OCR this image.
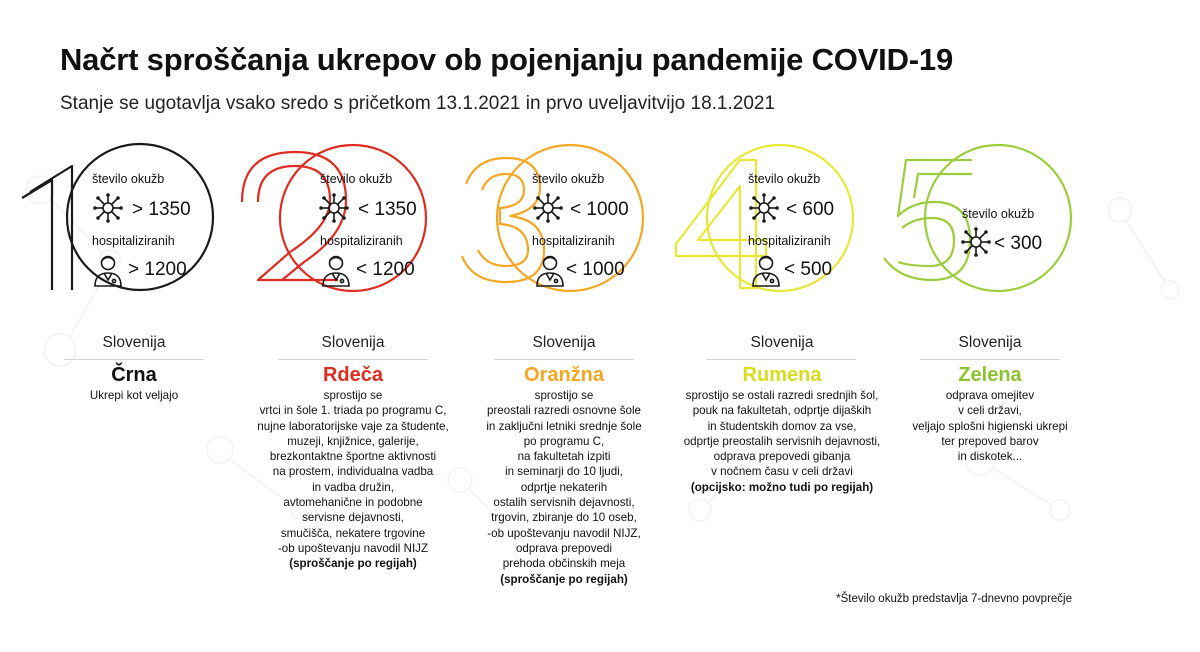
Načrt sproščanja ukrepov ob pojenjanju pandemije COVID-19
Stanje se ugotavlja vsako sredo s pričetkom 13.1.2021 in prvo uveljavitvijo 18.1.2021
število okužb
> 1350
hospitaliziranih
> 1200
Slovenija
Črna
Ukrepi kot veljajo
število okužb
< 1350
hospitaliziranih
< 1200
Slovenija
Rdeča
sprostijo se
vrtci in šole 1. triada po programu C,
nujne laboratorijske vaje za študente,
muzeji, knjižnice, galerije,
brezkontaktne športne aktivnosti
na prostem, individualna vadba
in vadba družin,
avtomehanične in podobne
servisne dejavnosti,
smučišča, nekatere trgovine
-ob upoštevanju navodil NIJZ
(sproščanje po regijah)
število okužb
< 1000
hospitaliziranih
< 1000
Slovenija
Oranžna
sprostijo se
preostali razredi osnovne šole
in zaključni letniki srednje šole
po programu C,
na fakultetah izpiti
in seminarji do 10 ljudi,
odprtje nekaterih
ostalih servisnih dejavnosti,
trgovin, zbiranje do 10 oseb,
-ob upoštevanju navodil NIJZ,
odprava prepovedi
prehoda občinskih meja
(sproščanje po regijah)
število okužb
< 600
hospitaliziranih
< 500
Slovenija
Rumena
sprostijo se ostali razredi srednjih šol,
pouk na fakultetah, odprtje dijaških
in študentskih domov za vse,
odprtje preostalih servisnih dejavnosti,
odprava prepovedi gibanja
v nočnem času v celi državi
(opcijsko: možno tudi po regijah)
število okužb
< 300
Slovenija
Zelena
odprava omejitev
v celi državi,
veljajo splošni higienski ukrepi
ter prepoved barov
in diskotek...
*Število okužb predstavlja 7-dnevno povprečje
